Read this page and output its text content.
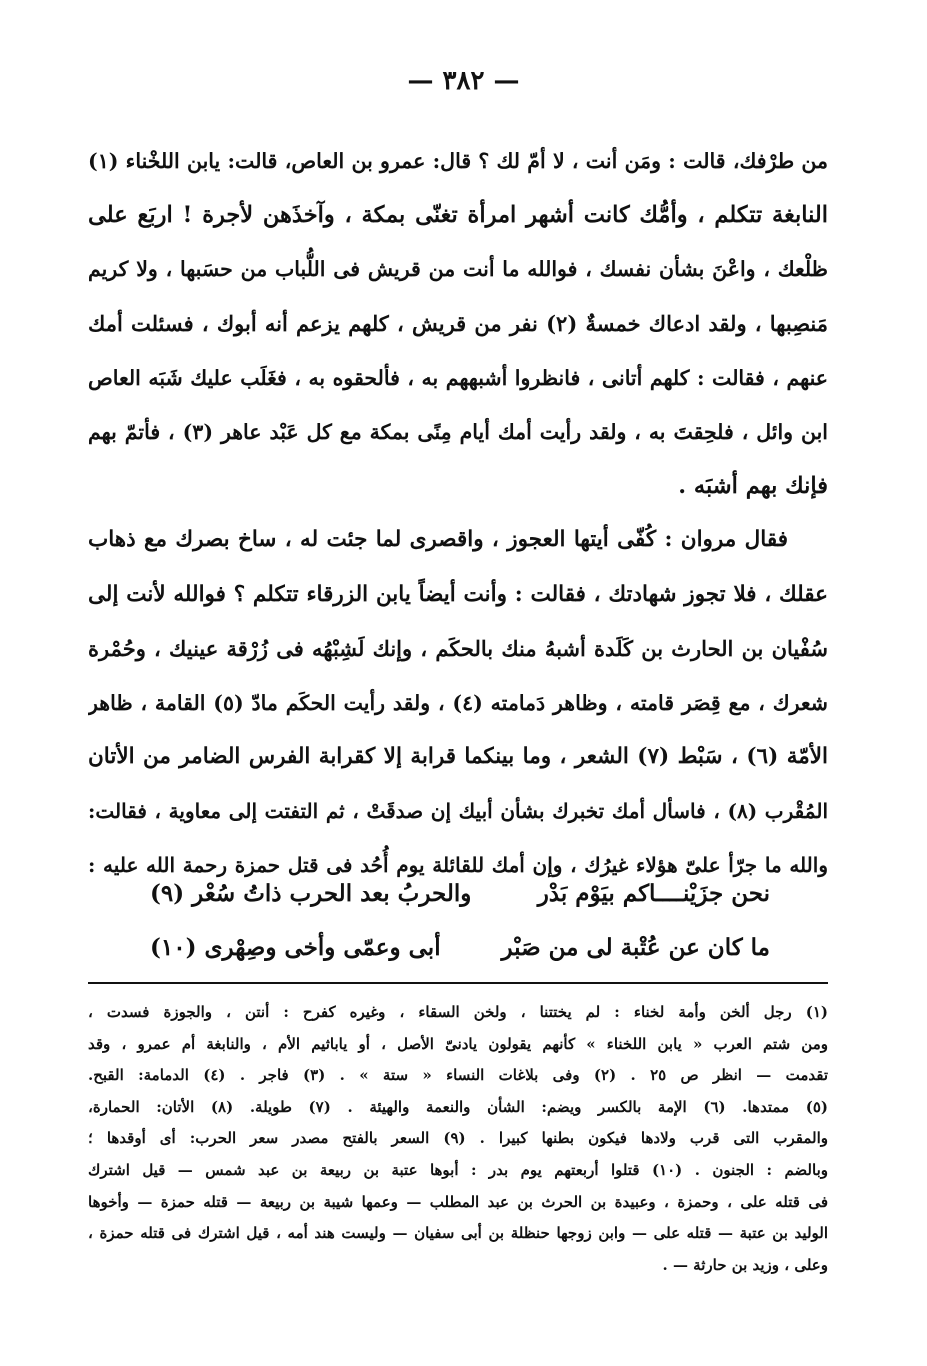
— ٣٨٢ —
من طرْفك، قالت : ومَن أنت ، لا أمّ لك ؟ قال: عمرو بن العاص، قالت: يابن اللخْناء (١)
النابغة تتكلم ، وأمُّك كانت أشهر امرأة تغنّى بمكة ، وآخذَهن لأجرة ! اربَع على
ظلْعك ، واعْنَ بشأن نفسك ، فوالله ما أنت من قريش فى اللُّباب من حسَبها ، ولا كريم
مَنصِبها ، ولقد ادعاك خمسةٌ (٢) نفر من قريش ، كلهم يزعم أنه أبوك ، فسئلت أمك
عنهم ، فقالت : كلهم أتانى ، فانظروا أشبههم به ، فألحقوه به ، فغَلَب عليك شَبَه العاص
ابن وائل ، فلحِقتَ به ، ولقد رأيت أمك أيام مِنًى بمكة مع كل عَبْد عاهر (٣) ، فأتمّ بهم
فإنك بهم أشبَه .
فقال مروان : كُفّى أيتها العجوز ، واقصرى لما جئت له ، ساخ بصرك مع ذهاب
عقلك ، فلا تجوز شهادتك ، فقالت : وأنت أيضاً يابن الزرقاء تتكلم ؟ فوالله لأنت إلى
سُفْيان بن الحارث بن كَلَدة أشبهُ منك بالحكَم ، وإنك لَشِبْهُه فى زُرْقة عينيك ، وحُمْرة
شعرك ، مع قِصَر قامته ، وظاهر دَمامته (٤) ، ولقد رأيت الحكَم مادّ (٥) القامة ، ظاهر
الأمّة (٦) ، سَبْط (٧) الشعر ، وما بينكما قرابة إلا كقرابة الفرس الضامر من الأتان
المُقْرب (٨) ، فاسأل أمك تخبرك بشأن أبيك إن صدقَتْ ، ثم التفتت إلى معاوية ، فقالت:
والله ما جرّأ علىّ هؤلاء غيرُك ، وإن أمك للقائلة يوم أُحُد فى قتل حمزة رحمة الله عليه :
نحن جزَيْنــــاكم بيَوْم بَدْر
والحربُ بعد الحرب ذاتُ سُعْر (٩)
ما كان عن عُتْبة لى من صَبْر
أبى وعمّى وأخى وصِهْرى (١٠)
(١) رجل ألخن وأمة لخناء : لم يختتنا ، ولخن السقاء ، وغيره كفرح : أنتن ، والجوزة فسدت ،
ومن شتم العرب « يابن اللخناء » كأنهم يقولون يادنىّ الأصل ، أو ياباثيم الأم ، والنابغة أم عمرو ، وقد
تقدمت — انظر ص ٢٥ . (٢) وفى بلاغات النساء « ستة » . (٣) فاجر . (٤) الدمامة: القبح.
(٥) ممتدها. (٦) الإمة بالكسر ويضم: الشأن والنعمة والهيئة . (٧) طويلة. (٨) الأتان: الحمارة،
والمقرب التى قرب ولادها فيكون بطنها كبيرا . (٩) السعر بالفتح مصدر سعر الحرب: أى أوقدها ؛
وبالضم : الجنون . (١٠) قتلوا أربعتهم يوم بدر : أبوها عتبة بن ربيعة بن عبد شمس — قيل اشترك
فى قتله على ، وحمزة ، وعبيدة بن الحرث بن عبد المطلب — وعمها شيبة بن ربيعة — قتله حمزة — وأخوها
الوليد بن عتبة — قتله على — وابن زوجها حنظلة بن أبى سفيان — وليست هند أمه ، قيل اشترك فى قتله حمزة ،
وعلى ، وزيد بن حارثة — .
